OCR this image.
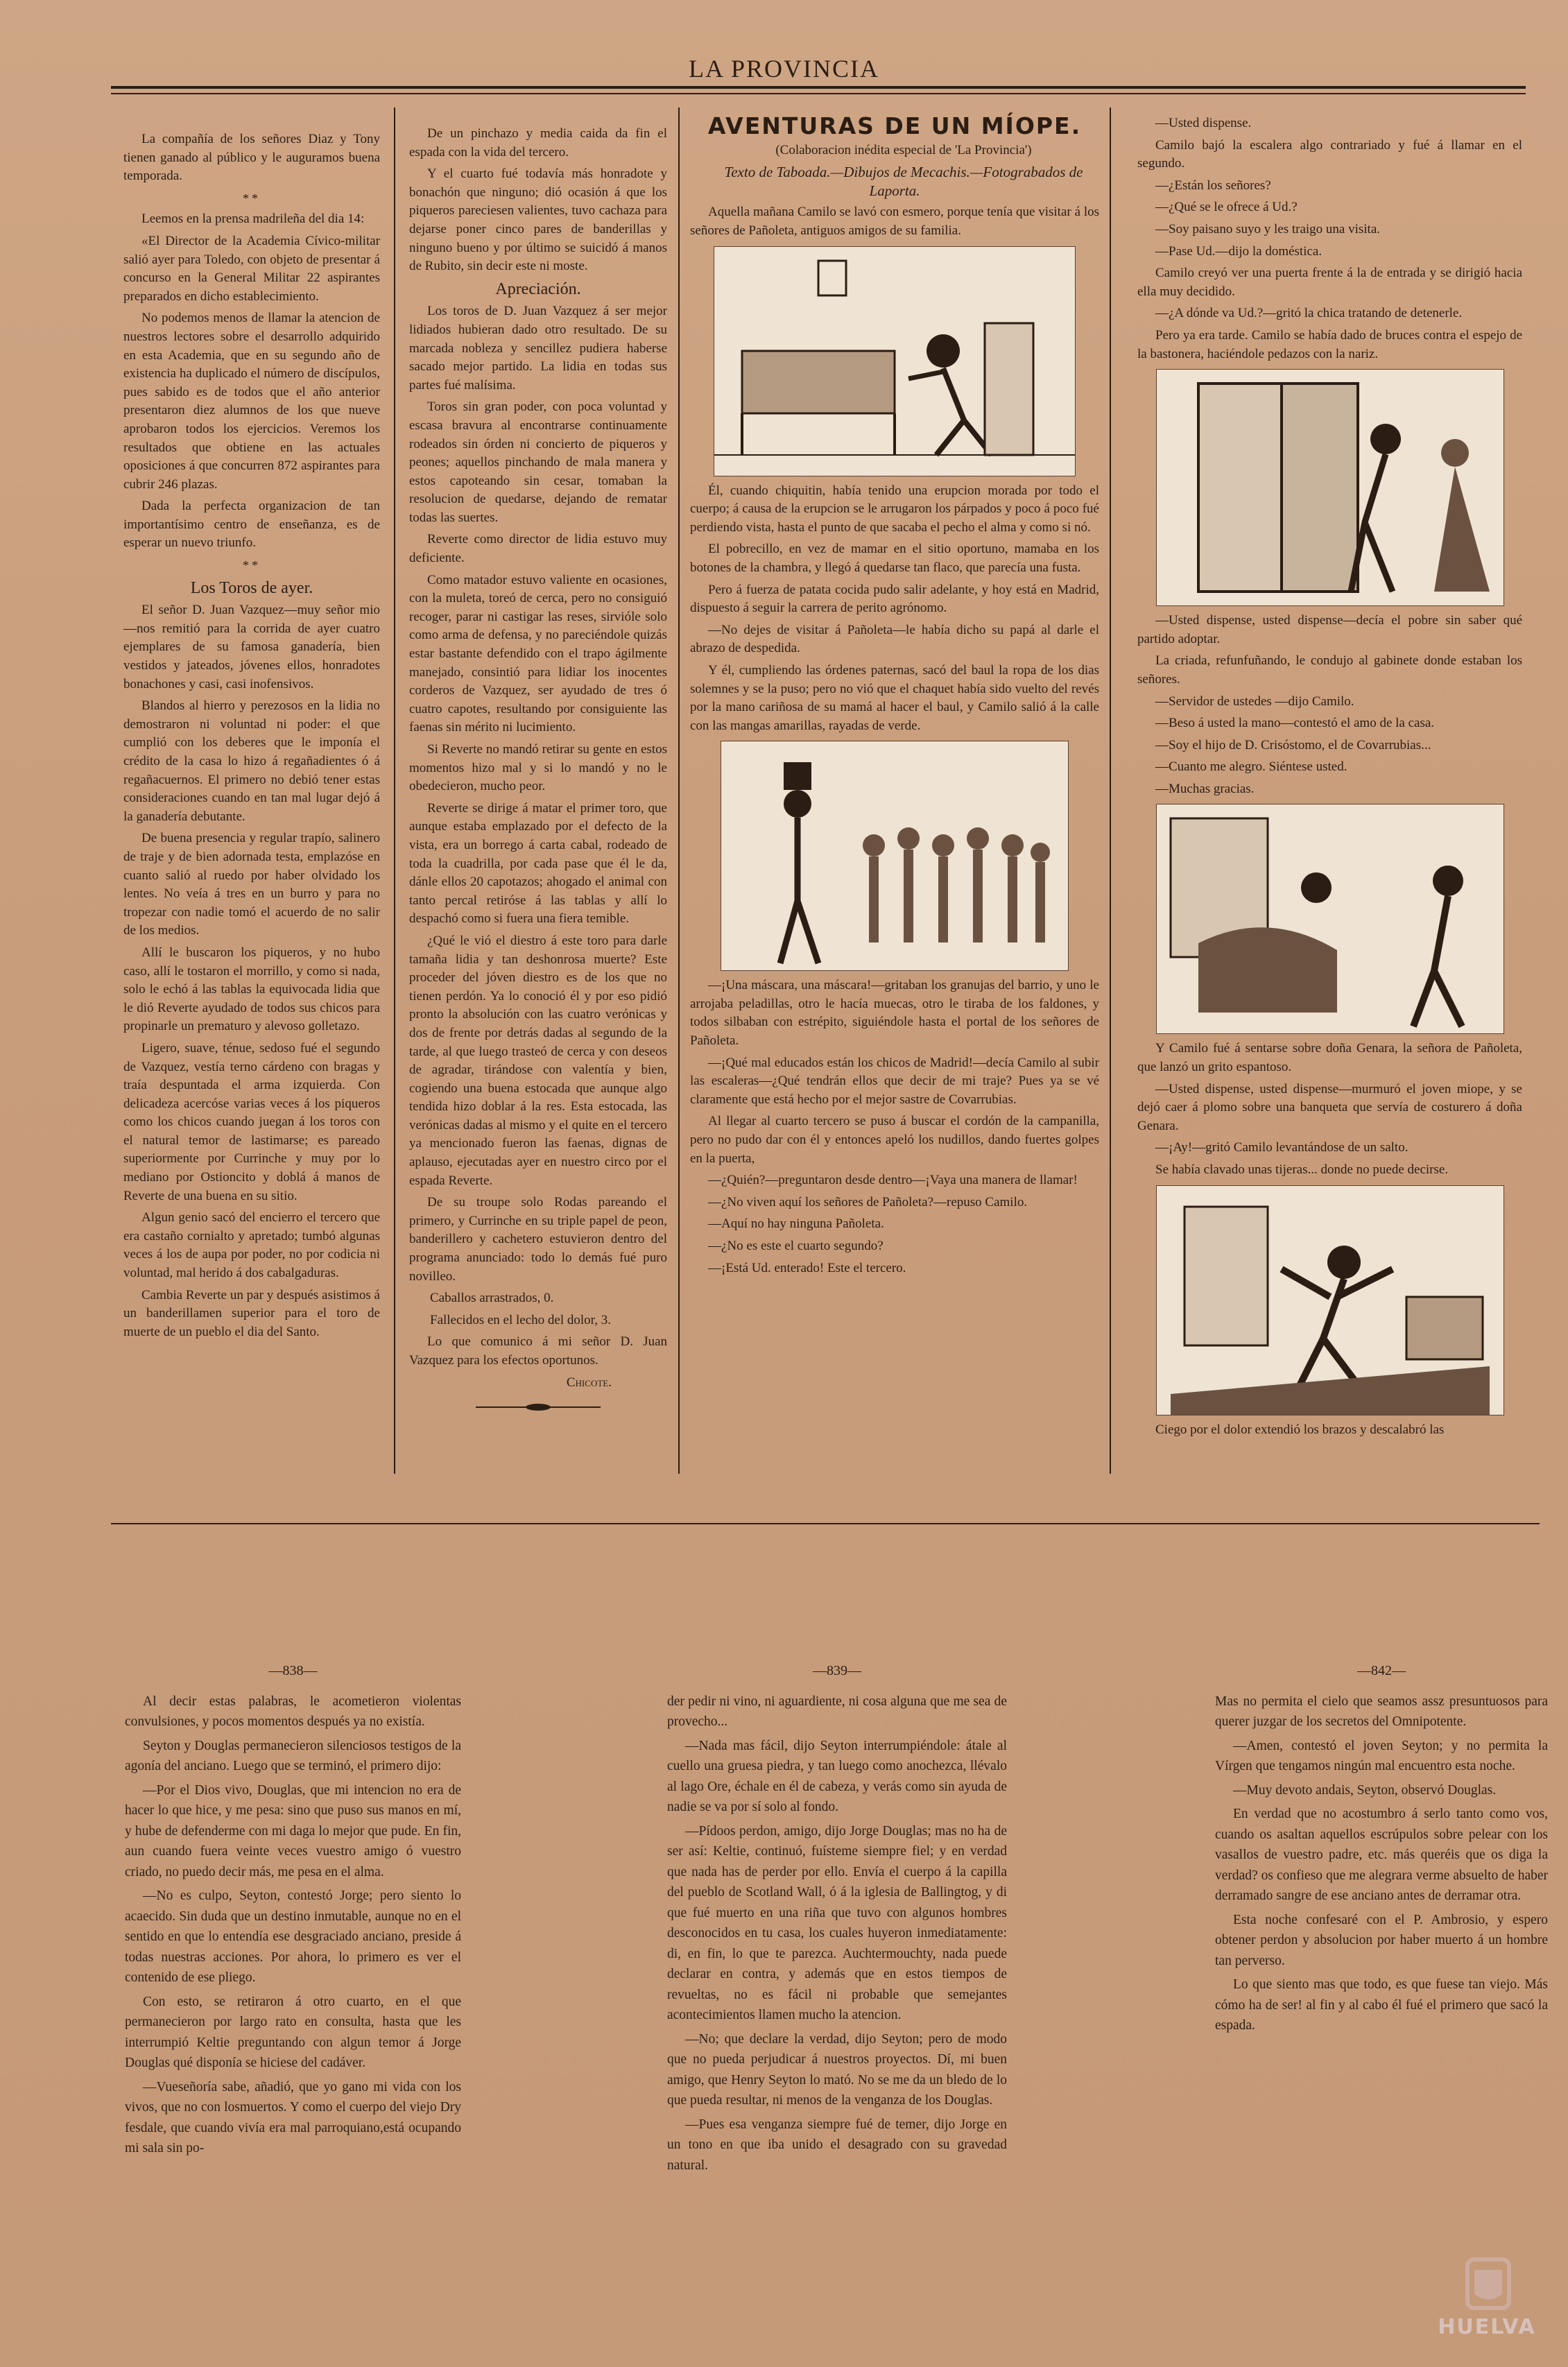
LA PROVINCIA

La compañía de los señores Diaz y Tony tienen ganado al público y le auguramos buena temporada.

**

Leemos en la prensa madrileña del dia 14:

«El Director de la Academia Cívico-militar salió ayer para Toledo, con objeto de presentar á concurso en la General Militar 22 aspirantes preparados en dicho establecimiento.

No podemos menos de llamar la atencion de nuestros lectores sobre el desarrollo adquirido en esta Academia, que en su segundo año de existencia ha duplicado el número de discípulos, pues sabido es de todos que el año anterior presentaron diez alumnos de los que nueve aprobaron todos los ejercicios. Veremos los resultados que obtiene en las actuales oposiciones á que concurren 872 aspirantes para cubrir 246 plazas.

Dada la perfecta organizacion de tan importantísimo centro de enseñanza, es de esperar un nuevo triunfo.

**
Los Toros de ayer.

El señor D. Juan Vazquez—muy señor mio—nos remitió para la corrida de ayer cuatro ejemplares de su famosa ganadería, bien vestidos y jateados, jóvenes ellos, honradotes bonachones y casi, casi inofensivos.

Blandos al hierro y perezosos en la lidia no demostraron ni voluntad ni poder: el que cumplió con los deberes que le imponía el crédito de la casa lo hizo á regañadientes ó á regañacuernos. El primero no debió tener estas consideraciones cuando en tan mal lugar dejó á la ganadería debutante.

De buena presencia y regular trapío, salinero de traje y de bien adornada testa, emplazóse en cuanto salió al ruedo por haber olvidado los lentes. No veía á tres en un burro y para no tropezar con nadie tomó el acuerdo de no salir de los medios.

Allí le buscaron los piqueros, y no hubo caso, allí le tostaron el morrillo, y como si nada, solo le echó á las tablas la equivocada lidia que le dió Reverte ayudado de todos sus chicos para propinarle un prematuro y alevoso golletazo.

Ligero, suave, ténue, sedoso fué el segundo de Vazquez, vestía terno cárdeno con bragas y traía despuntada el arma izquierda. Con delicadeza acercóse varias veces á los piqueros como los chicos cuando juegan á los toros con el natural temor de lastimarse; es pareado superiormente por Currinche y muy por lo mediano por Ostioncito y doblá á manos de Reverte de una buena en su sitio.

Algun genio sacó del encierro el tercero que era castaño cornialto y apretado; tumbó algunas veces á los de aupa por poder, no por codicia ni voluntad, mal herido á dos cabalgaduras.

Cambia Reverte un par y después asistimos á un banderillamen superior para el toro de muerte de un pueblo el dia del Santo.

De un pinchazo y media caida da fin el espada con la vida del tercero.

Y el cuarto fué todavía más honradote y bonachón que ninguno; dió ocasión á que los piqueros pareciesen valientes, tuvo cachaza para dejarse poner cinco pares de banderillas y ninguno bueno y por último se suicidó á manos de Rubito, sin decir este ni moste.

Apreciación.

Los toros de D. Juan Vazquez á ser mejor lidiados hubieran dado otro resultado. De su marcada nobleza y sencillez pudiera haberse sacado mejor partido. La lidia en todas sus partes fué malísima.

Toros sin gran poder, con poca voluntad y escasa bravura al encontrarse continuamente rodeados sin órden ni concierto de piqueros y peones; aquellos pinchando de mala manera y estos capoteando sin cesar, tomaban la resolucion de quedarse, dejando de rematar todas las suertes.

Reverte como director de lidia estuvo muy deficiente.

Como matador estuvo valiente en ocasiones, con la muleta, toreó de cerca, pero no consiguió recoger, parar ni castigar las reses, sirvióle solo como arma de defensa, y no pareciéndole quizás estar bastante defendido con el trapo ágilmente manejado, consintió para lidiar los inocentes corderos de Vazquez, ser ayudado de tres ó cuatro capotes, resultando por consiguiente las faenas sin mérito ni lucimiento.

Si Reverte no mandó retirar su gente en estos momentos hizo mal y si lo mandó y no le obedecieron, mucho peor.

Reverte se dirige á matar el primer toro, que aunque estaba emplazado por el defecto de la vista, era un borrego á carta cabal, rodeado de toda la cuadrilla, por cada pase que él le da, dánle ellos 20 capotazos; ahogado el animal con tanto percal retiróse á las tablas y allí lo despachó como si fuera una fiera temible.

¿Qué le vió el diestro á este toro para darle tamaña lidia y tan deshonrosa muerte? Este proceder del jóven diestro es de los que no tienen perdón. Ya lo conoció él y por eso pidió pronto la absolución con las cuatro verónicas y dos de frente por detrás dadas al segundo de la tarde, al que luego trasteó de cerca y con deseos de agradar, tirándose con valentía y bien, cogiendo una buena estocada que aunque algo tendida hizo doblar á la res. Esta estocada, las verónicas dadas al mismo y el quite en el tercero ya mencionado fueron las faenas, dignas de aplauso, ejecutadas ayer en nuestro circo por el espada Reverte.

De su troupe solo Rodas pareando el primero, y Currinche en su triple papel de peon, banderillero y cachetero estuvieron dentro del programa anunciado: todo lo demás fué puro novilleo.

Caballos arrastrados, 0.

Fallecidos en el lecho del dolor, 3.

Lo que comunico á mi señor D. Juan Vazquez para los efectos oportunos.

Chicote.

AVENTURAS DE UN MÍOPE.

(Colaboracion inédita especial de 'La Provincia')

Texto de Taboada.—Dibujos de Mecachis.—Fotograbados de Laporta.

Aquella mañana Camilo se lavó con esmero, porque tenía que visitar á los señores de Pañoleta, antiguos amigos de su familia.

Él, cuando chiquitin, había tenido una erupcion morada por todo el cuerpo; á causa de la erupcion se le arrugaron los párpados y poco á poco fué perdiendo vista, hasta el punto de que sacaba el pecho el alma y como si nó.

El pobrecillo, en vez de mamar en el sitio oportuno, mamaba en los botones de la chambra, y llegó á quedarse tan flaco, que parecía una fusta.

Pero á fuerza de patata cocida pudo salir adelante, y hoy está en Madrid, dispuesto á seguir la carrera de perito agrónomo.

—No dejes de visitar á Pañoleta—le había dicho su papá al darle el abrazo de despedida.

Y él, cumpliendo las órdenes paternas, sacó del baul la ropa de los dias solemnes y se la puso; pero no vió que el chaquet había sido vuelto del revés por la mano cariñosa de su mamá al hacer el baul, y Camilo salió á la calle con las mangas amarillas, rayadas de verde.

—¡Una máscara, una máscara!—gritaban los granujas del barrio, y uno le arrojaba peladillas, otro le hacía muecas, otro le tiraba de los faldones, y todos silbaban con estrépito, siguiéndole hasta el portal de los señores de Pañoleta.

—¡Qué mal educados están los chicos de Madrid!—decía Camilo al subir las escaleras—¿Qué tendrán ellos que decir de mi traje? Pues ya se vé claramente que está hecho por el mejor sastre de Covarrubias.

Al llegar al cuarto tercero se puso á buscar el cordón de la campanilla, pero no pudo dar con él y entonces apeló los nudillos, dando fuertes golpes en la puerta,

—¿Quién?—preguntaron desde dentro—¡Vaya una manera de llamar!

—¿No viven aquí los señores de Pañoleta?—repuso Camilo.

—Aquí no hay ninguna Pañoleta.

—¿No es este el cuarto segundo?

—¡Está Ud. enterado! Este el tercero.

—Usted dispense.

Camilo bajó la escalera algo contrariado y fué á llamar en el segundo.

—¿Están los señores?

—¿Qué se le ofrece á Ud.?

—Soy paisano suyo y les traigo una visita.

—Pase Ud.—dijo la doméstica.

Camilo creyó ver una puerta frente á la de entrada y se dirigió hacia ella muy decidido.

—¿A dónde va Ud.?—gritó la chica tratando de detenerle.

Pero ya era tarde. Camilo se había dado de bruces contra el espejo de la bastonera, haciéndole pedazos con la nariz.

—Usted dispense, usted dispense—decía el pobre sin saber qué partido adoptar.

La criada, refunfuñando, le condujo al gabinete donde estaban los señores.

—Servidor de ustedes —dijo Camilo.

—Beso á usted la mano—contestó el amo de la casa.

—Soy el hijo de D. Crisóstomo, el de Covarrubias...

—Cuanto me alegro. Siéntese usted.

—Muchas gracias.

Y Camilo fué á sentarse sobre doña Genara, la señora de Pañoleta, que lanzó un grito espantoso.

—Usted dispense, usted dispense—murmuró el joven miope, y se dejó caer á plomo sobre una banqueta que servía de costurero á doña Genara.

—¡Ay!—gritó Camilo levantándose de un salto.

Se había clavado unas tijeras... donde no puede decirse.

Ciego por el dolor extendió los brazos y descalabró las

—838—

Al decir estas palabras, le acometieron violentas convulsiones, y pocos momentos después ya no existía.

Seyton y Douglas permanecieron silenciosos testigos de la agonía del anciano. Luego que se terminó, el primero dijo:

—Por el Dios vivo, Douglas, que mi intencion no era de hacer lo que hice, y me pesa: sino que puso sus manos en mí, y hube de defenderme con mi daga lo mejor que pude. En fin, aun cuando fuera veinte veces vuestro amigo ó vuestro criado, no puedo decir más, me pesa en el alma.

—No es culpo, Seyton, contestó Jorge; pero siento lo acaecido. Sin duda que un destino inmutable, aunque no en el sentido en que lo entendía ese desgraciado anciano, preside á todas nuestras acciones. Por ahora, lo primero es ver el contenido de ese pliego.

Con esto, se retiraron á otro cuarto, en el que permanecieron por largo rato en consulta, hasta que les interrumpió Keltie preguntando con algun temor á Jorge Douglas qué disponía se hiciese del cadáver.

—Vueseñoría sabe, añadió, que yo gano mi vida con los vivos, que no con losmuertos. Y como el cuerpo del viejo Dry fesdale, que cuando vivía era mal parroquiano,está ocupando mi sala sin po-

—839—

der pedir ni vino, ni aguardiente, ni cosa alguna que me sea de provecho...

—Nada mas fácil, dijo Seyton interrumpiéndole: átale al cuello una gruesa piedra, y tan luego como anochezca, llévalo al lago Ore, échale en él de cabeza, y verás como sin ayuda de nadie se va por sí solo al fondo.

—Pídoos perdon, amigo, dijo Jorge Douglas; mas no ha de ser así: Keltie, continuó, fuísteme siempre fiel; y en verdad que nada has de perder por ello. Envía el cuerpo á la capilla del pueblo de Scotland Wall, ó á la iglesia de Ballingtog, y di que fué muerto en una riña que tuvo con algunos hombres desconocidos en tu casa, los cuales huyeron inmediatamente: di, en fin, lo que te parezca. Auchtermouchty, nada puede declarar en contra, y además que en estos tiempos de revueltas, no es fácil ni probable que semejantes acontecimientos llamen mucho la atencion.

—No; que declare la verdad, dijo Seyton; pero de modo que no pueda perjudicar á nuestros proyectos. Dí, mi buen amigo, que Henry Seyton lo mató. No se me da un bledo de lo que pueda resultar, ni menos de la venganza de los Douglas.

—Pues esa venganza siempre fué de temer, dijo Jorge en un tono en que iba unido el desagrado con su gravedad natural.

—842—

Mas no permita el cielo que seamos assz presuntuosos para querer juzgar de los secretos del Omnipotente.

—Amen, contestó el joven Seyton; y no permita la Vírgen que tengamos ningún mal encuentro esta noche.

—Muy devoto andais, Seyton, observó Douglas.

En verdad que no acostumbro á serlo tanto como vos, cuando os asaltan aquellos escrúpulos sobre pelear con los vasallos de vuestro padre, etc. más queréis que os diga la verdad? os confieso que me alegrara verme absuelto de haber derramado sangre de ese anciano antes de derramar otra.

Esta noche confesaré con el P. Ambrosio, y espero obtener perdon y absolucion por haber muerto á un hombre tan perverso.

Lo que siento mas que todo, es que fuese tan viejo. Más cómo ha de ser! al fin y al cabo él fué el primero que sacó la espada.

HUELVA
